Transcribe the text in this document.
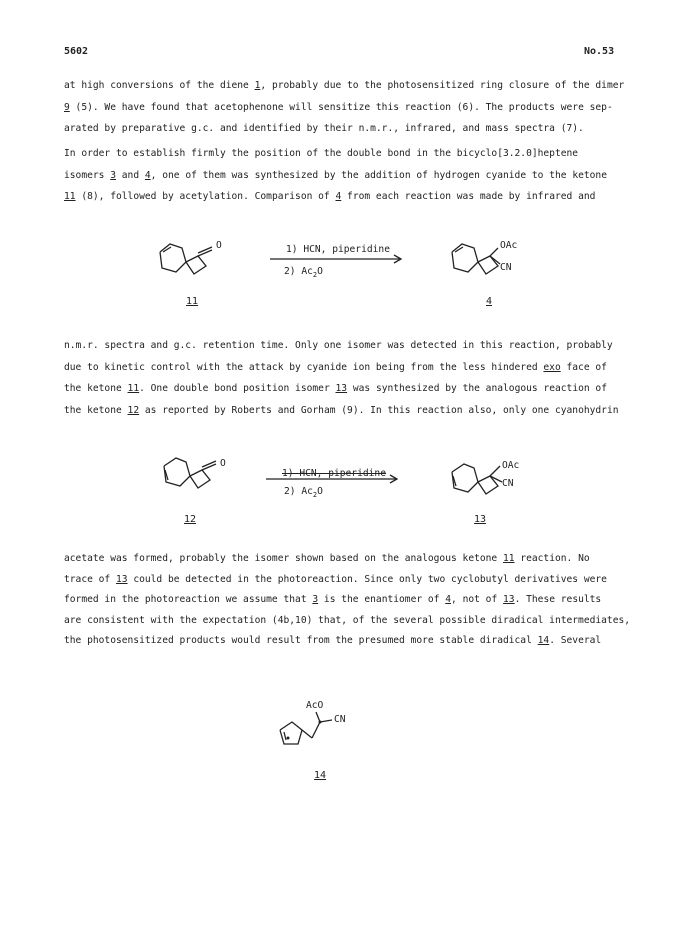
5602	No.53
at high conversions of the diene 1, probably due to the photosensitized ring closure of the dimer
9 (5). We have found that acetophenone will sensitize this reaction (6). The products were sep-
arated by preparative g.c. and identified by their n.m.r., infrared, and mass spectra (7).
In order to establish firmly the position of the double bond in the bicyclo[3.2.0]heptene
isomers 3 and 4, one of them was synthesized by the addition of hydrogen cyanide to the ketone
11 (8), followed by acetylation. Comparison of 4 from each reaction was made by infrared and
O
11
1) HCN, piperidine
2) $Ac_2O$
OAc
CN
4
n.m.r. spectra and g.c. retention time. Only one isomer was detected in this reaction, probably
due to kinetic control with the attack by cyanide ion being from the less hindered exo face of
the ketone 11. One double bond position isomer 13 was synthesized by the analogous reaction of
the ketone 12 as reported by Roberts and Gorham (9). In this reaction also, only one cyanohydrin
O
12
1) HCN, piperidine
2) $Ac_2O$
OAc
CN
13
acetate was formed, probably the isomer shown based on the analogous ketone 11 reaction. No
trace of 13 could be detected in the photoreaction. Since only two cyclobutyl derivatives were
formed in the photoreaction we assume that 3 is the enantiomer of 4, not of 13. These results
are consistent with the expectation (4b,10) that, of the several possible diradical intermediates,
the photosensitized products would result from the presumed more stable diradical 14. Several
AcO
CN
14
